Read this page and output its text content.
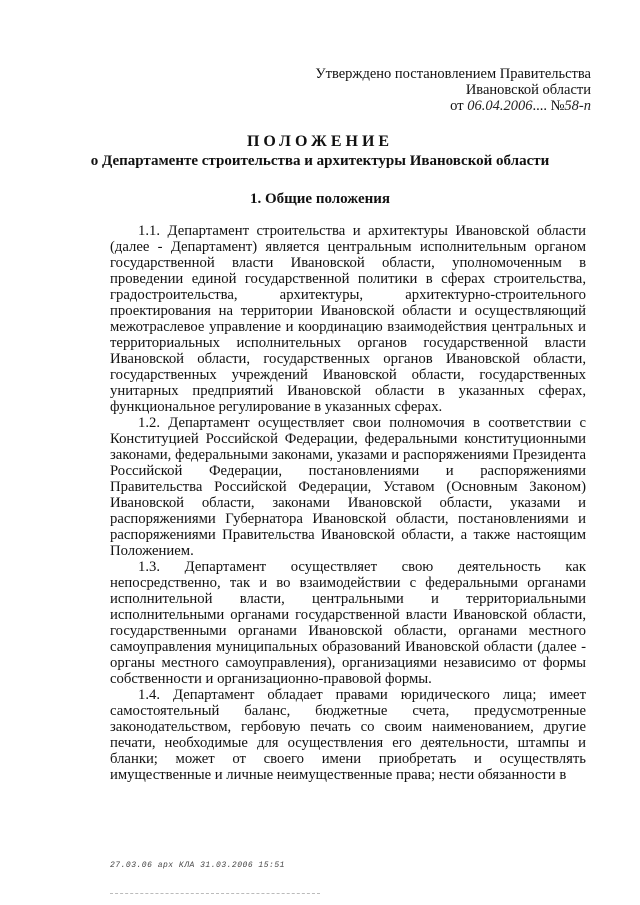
Утверждено постановлением Правительства
Ивановской области
от 06.04.2006.... №58-п
ПОЛОЖЕНИЕ
о Департаменте строительства и архитектуры Ивановской области
1. Общие положения

1.1. Департамент строительства и архитектуры Ивановской области (далее - Департамент) является центральным исполнительным органом государственной власти Ивановской области, уполномоченным в проведении единой государственной политики в сферах строительства, градостроительства, архитектуры, архитектурно-строительного проектирования на территории Ивановской области и осуществляющий межотраслевое управление и координацию взаимодействия центральных и территориальных исполнительных органов государственной власти Ивановской области, государственных органов Ивановской области, государственных учреждений Ивановской области, государственных унитарных предприятий Ивановской области в указанных сферах, функциональное регулирование в указанных сферах.

1.2. Департамент осуществляет свои полномочия в соответствии с Конституцией Российской Федерации, федеральными конституционными законами, федеральными законами, указами и распоряжениями Президента Российской Федерации, постановлениями и распоряжениями Правительства Российской Федерации, Уставом (Основным Законом) Ивановской области, законами Ивановской области, указами и распоряжениями Губернатора Ивановской области, постановлениями и распоряжениями Правительства Ивановской области, а также настоящим Положением.

1.3. Департамент осуществляет свою деятельность как непосредственно, так и во взаимодействии с федеральными органами исполнительной власти, центральными и территориальными исполнительными органами государственной власти Ивановской области, государственными органами Ивановской области, органами местного самоуправления муниципальных образований Ивановской области (далее - органы местного самоуправления), организациями независимо от формы собственности и организационно-правовой формы.

1.4. Департамент обладает правами юридического лица; имеет самостоятельный баланс, бюджетные счета, предусмотренные законодательством, гербовую печать со своим наименованием, другие печати, необходимые для осуществления его деятельности, штампы и бланки; может от своего имени приобретать и осуществлять имущественные и личные неимущественные права; нести обязанности в

27.03.06 арх КЛА 31.03.2006 15:51
